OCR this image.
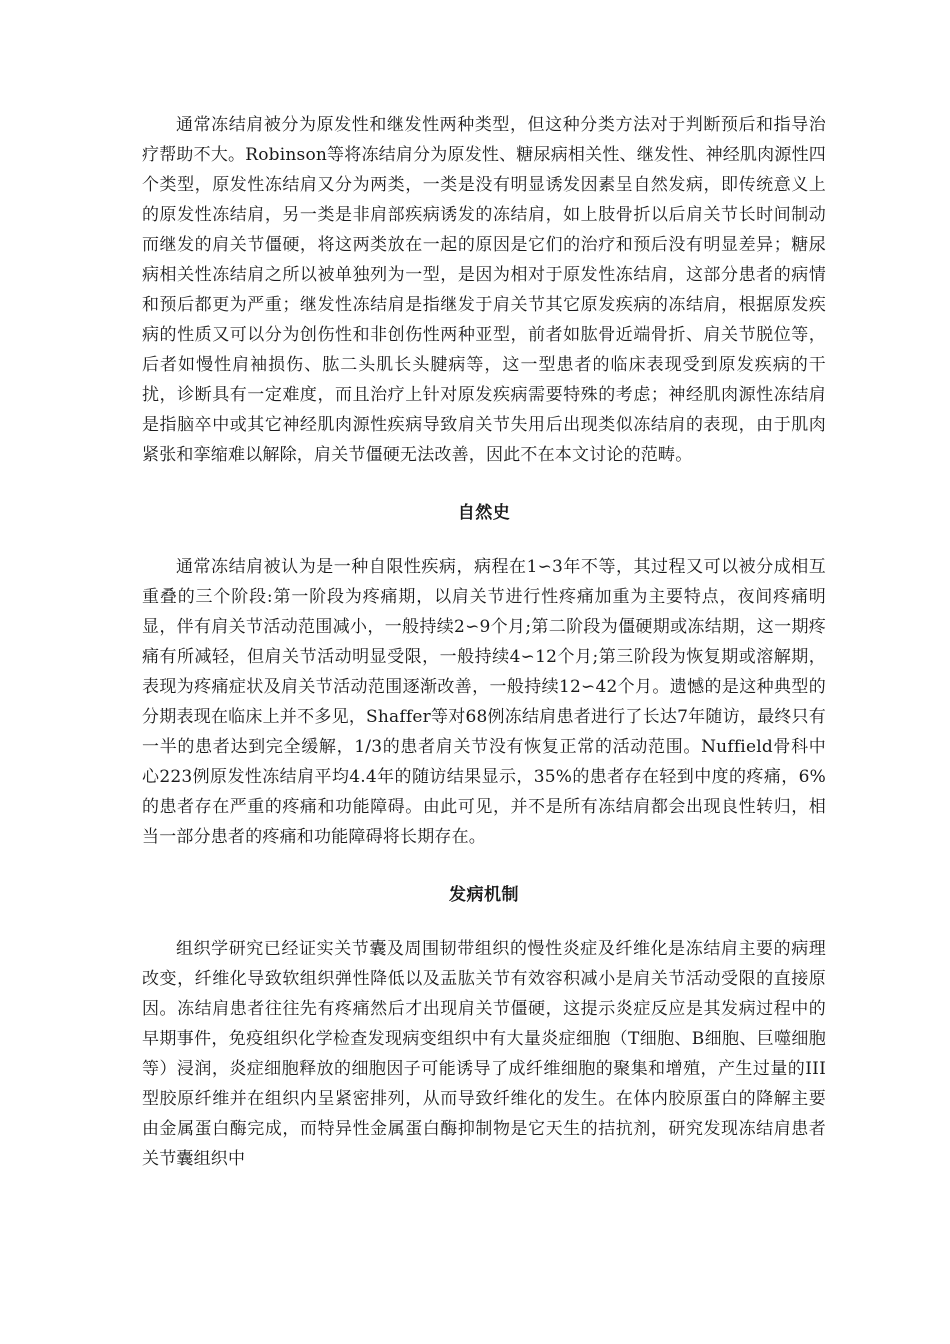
通常冻结肩被分为原发性和继发性两种类型，但这种分类方法对于判断预后和指导治疗帮助不大。Robinson等将冻结肩分为原发性、糖尿病相关性、继发性、神经肌肉源性四个类型，原发性冻结肩又分为两类，一类是没有明显诱发因素呈自然发病，即传统意义上的原发性冻结肩，另一类是非肩部疾病诱发的冻结肩，如上肢骨折以后肩关节长时间制动而继发的肩关节僵硬，将这两类放在一起的原因是它们的治疗和预后没有明显差异；糖尿病相关性冻结肩之所以被单独列为一型，是因为相对于原发性冻结肩，这部分患者的病情和预后都更为严重；继发性冻结肩是指继发于肩关节其它原发疾病的冻结肩，根据原发疾病的性质又可以分为创伤性和非创伤性两种亚型，前者如肱骨近端骨折、肩关节脱位等，后者如慢性肩袖损伤、肱二头肌长头腱病等，这一型患者的临床表现受到原发疾病的干扰，诊断具有一定难度，而且治疗上针对原发疾病需要特殊的考虑；神经肌肉源性冻结肩是指脑卒中或其它神经肌肉源性疾病导致肩关节失用后出现类似冻结肩的表现，由于肌肉紧张和挛缩难以解除，肩关节僵硬无法改善，因此不在本文讨论的范畴。

自然史

通常冻结肩被认为是一种自限性疾病，病程在1∽3年不等，其过程又可以被分成相互重叠的三个阶段:第一阶段为疼痛期，以肩关节进行性疼痛加重为主要特点，夜间疼痛明显，伴有肩关节活动范围减小，一般持续2∽9个月;第二阶段为僵硬期或冻结期，这一期疼痛有所减轻，但肩关节活动明显受限，一般持续4∽12个月;第三阶段为恢复期或溶解期，表现为疼痛症状及肩关节活动范围逐渐改善，一般持续12∽42个月。遗憾的是这种典型的分期表现在临床上并不多见，Shaffer等对68例冻结肩患者进行了长达7年随访，最终只有一半的患者达到完全缓解，1/3的患者肩关节没有恢复正常的活动范围。Nuffield骨科中心223例原发性冻结肩平均4.4年的随访结果显示，35%的患者存在轻到中度的疼痛，6%的患者存在严重的疼痛和功能障碍。由此可见，并不是所有冻结肩都会出现良性转归，相当一部分患者的疼痛和功能障碍将长期存在。

发病机制

组织学研究已经证实关节囊及周围韧带组织的慢性炎症及纤维化是冻结肩主要的病理改变，纤维化导致软组织弹性降低以及盂肱关节有效容积减小是肩关节活动受限的直接原因。冻结肩患者往往先有疼痛然后才出现肩关节僵硬，这提示炎症反应是其发病过程中的早期事件，免疫组织化学检查发现病变组织中有大量炎症细胞（T细胞、B细胞、巨噬细胞等）浸润，炎症细胞释放的细胞因子可能诱导了成纤维细胞的聚集和增殖，产生过量的III型胶原纤维并在组织内呈紧密排列，从而导致纤维化的发生。在体内胶原蛋白的降解主要由金属蛋白酶完成，而特异性金属蛋白酶抑制物是它天生的拮抗剂，研究发现冻结肩患者关节囊组织中
